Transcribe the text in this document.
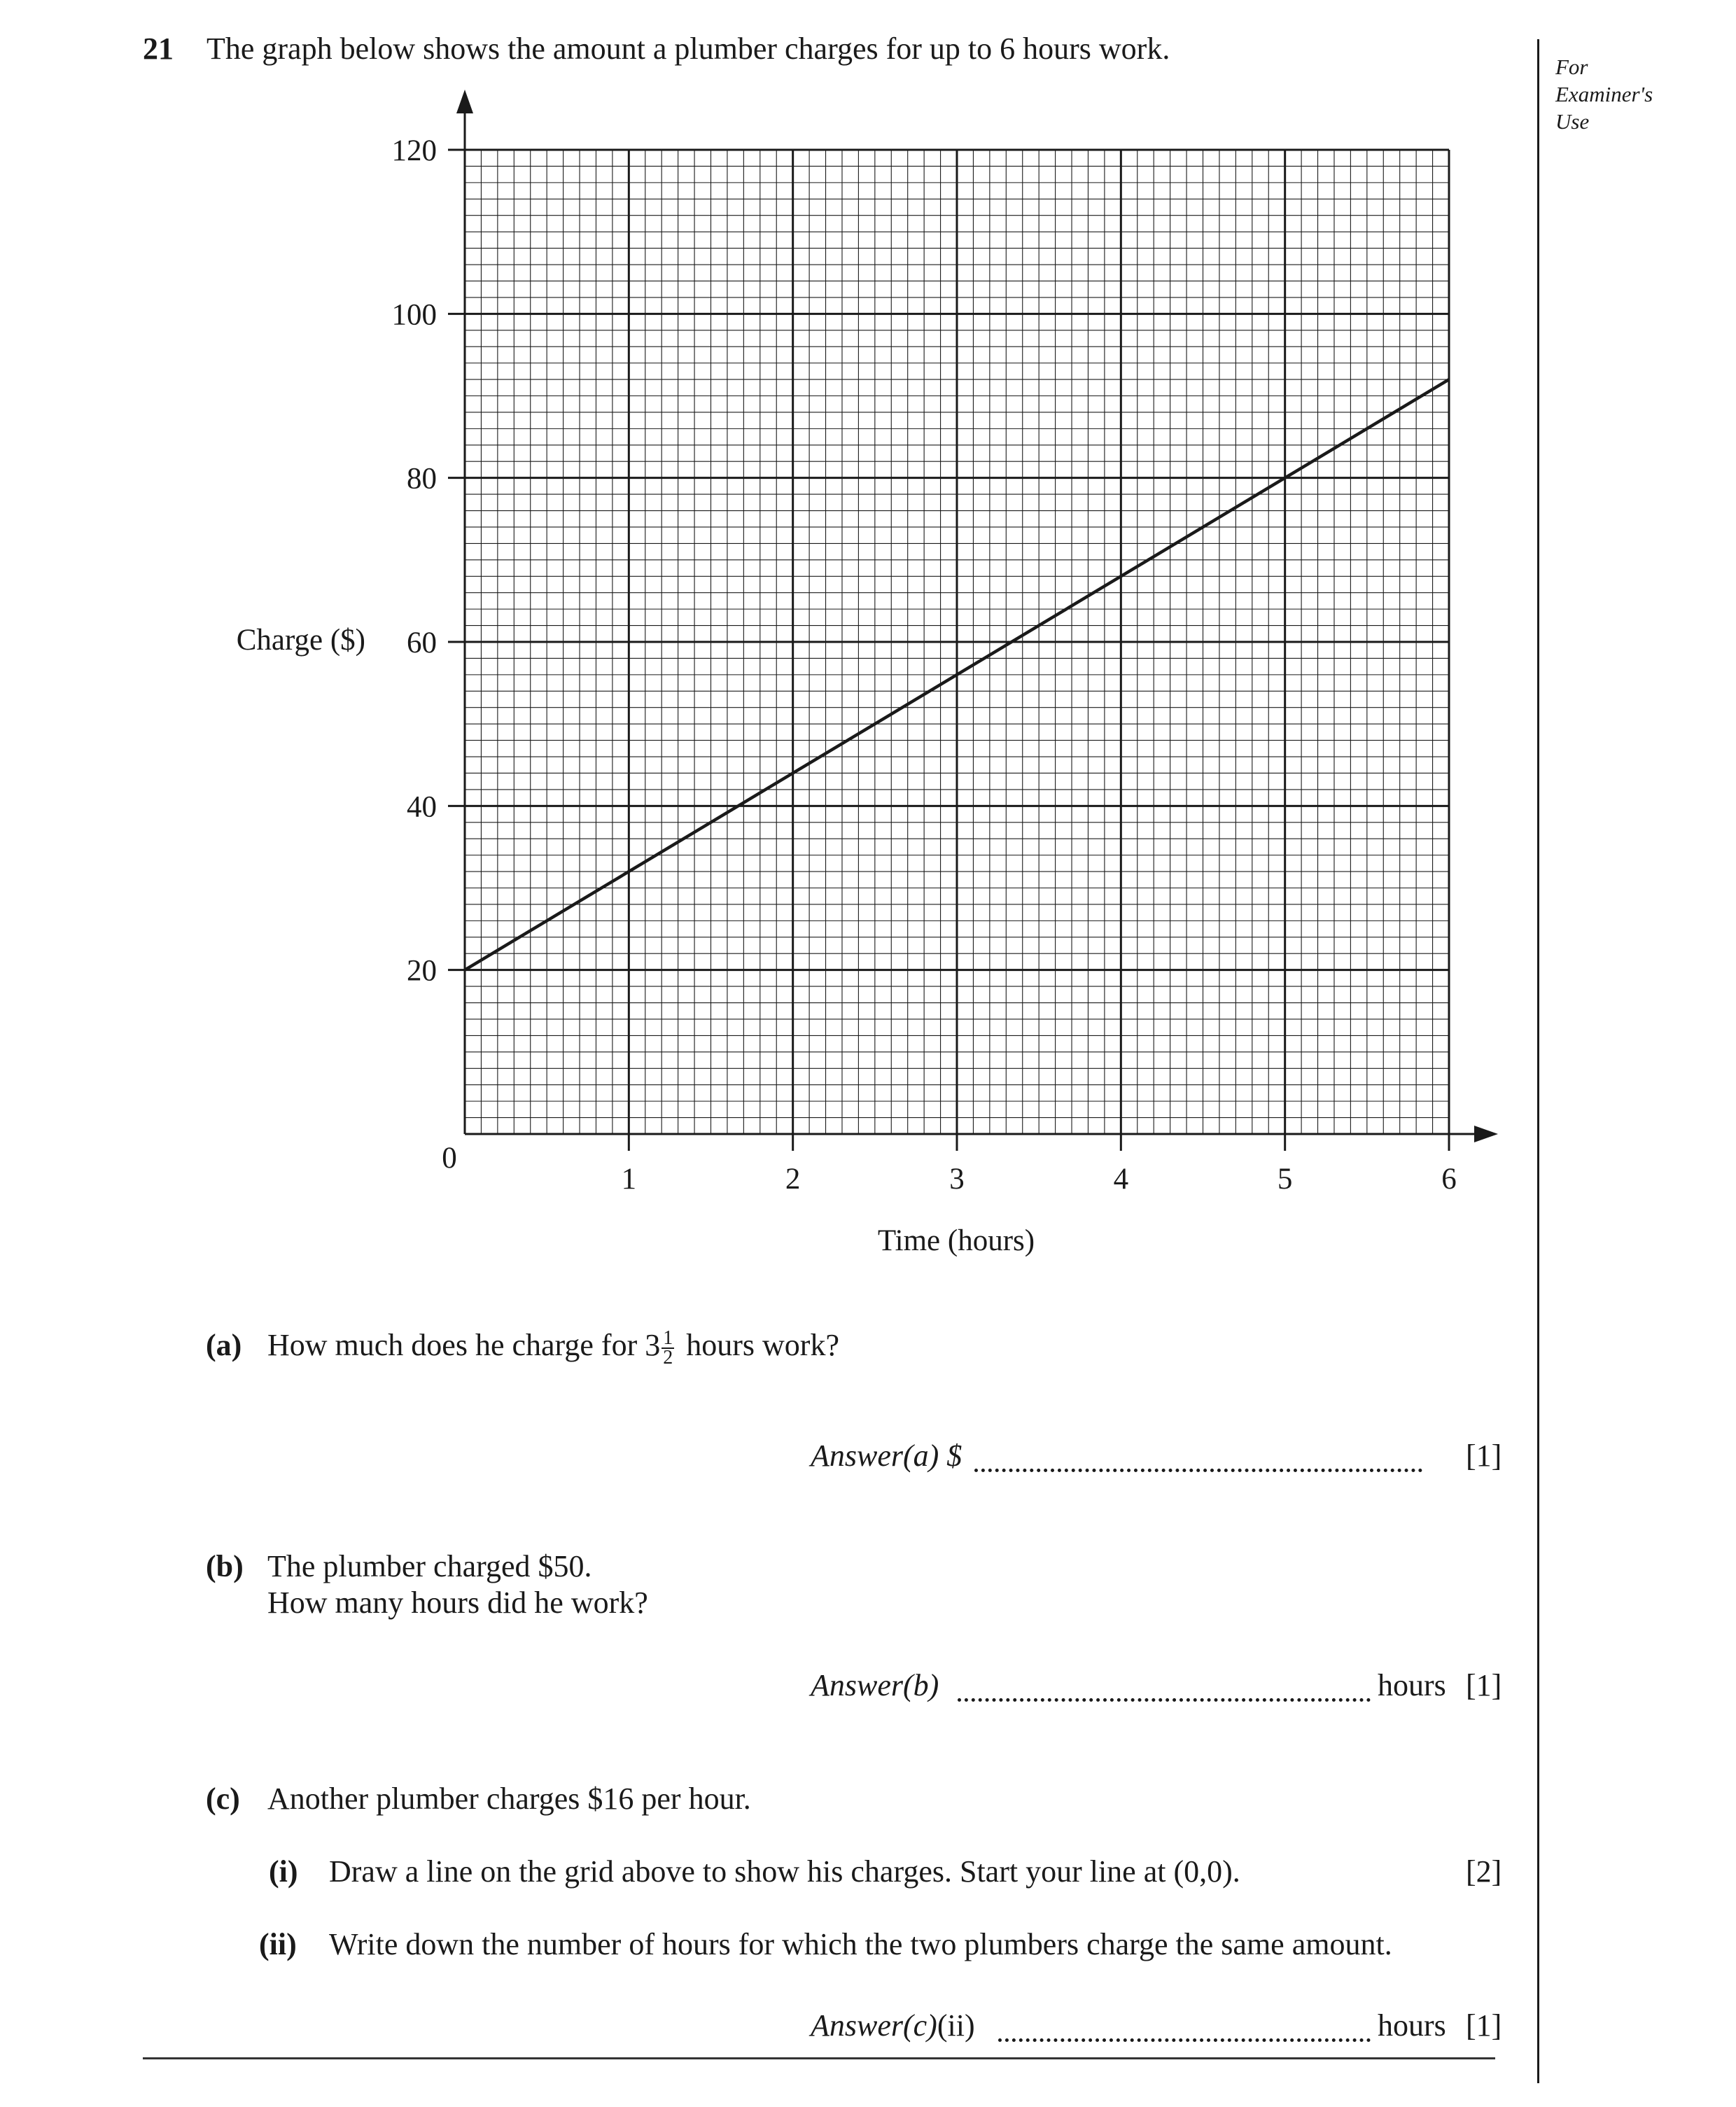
21 The graph below shows the amount a plumber charges for up to 6 hours work.
For
Examiner's
Use
20
40
60
80
100
120
1	2	3	4	5	6
Charge ($)
Time (hours)
0
(a) How much does he charge for $3 \frac{1}{2}$ hours work?
Answer(a) $	[1]
(b) The plumber charged $50.
How many hours did he work?
Answer(b)	hours [1]
(c) Another plumber charges $16 per hour.
(i) Draw a line on the grid above to show his charges. Start your line at (0,0).	[2]
(ii) Write down the number of hours for which the two plumbers charge the same amount.
Answer(c)(ii)	hours [1]
